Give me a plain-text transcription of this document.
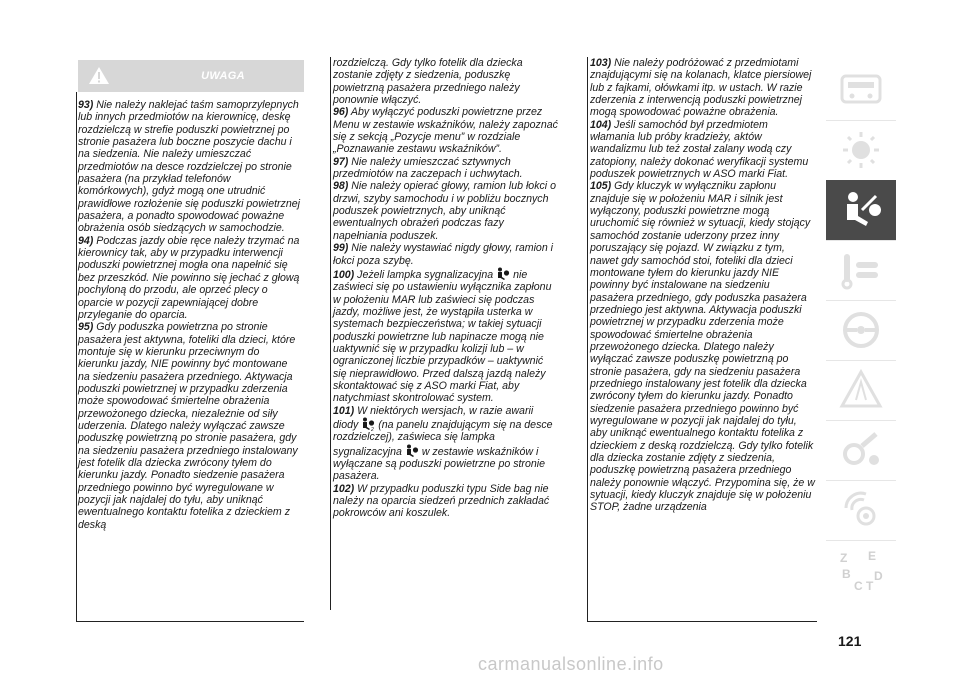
UWAGA

93) Nie należy naklejać taśm samoprzylepnych lub innych przedmiotów na kierownicę, deskę rozdzielczą w strefie poduszki powietrznej po stronie pasażera lub boczne poszycie dachu i na siedzenia. Nie należy umieszczać przedmiotów na desce rozdzielczej po stronie pasażera (na przykład telefonów komórkowych), gdyż mogą one utrudnić prawidłowe rozłożenie się poduszki powietrznej pasażera, a ponadto spowodować poważne obrażenia osób siedzących w samochodzie.

94) Podczas jazdy obie ręce należy trzymać na kierownicy tak, aby w przypadku interwencji poduszki powietrznej mogła ona napełnić się bez przeszkód. Nie powinno się jechać z głową pochyloną do przodu, ale oprzeć plecy o oparcie w pozycji zapewniającej dobre przyleganie do oparcia.

95) Gdy poduszka powietrzna po stronie pasażera jest aktywna, foteliki dla dzieci, które montuje się w kierunku przeciwnym do kierunku jazdy, NIE powinny być montowane na siedzeniu pasażera przedniego. Aktywacja poduszki powietrznej w przypadku zderzenia może spowodować śmiertelne obrażenia przewożonego dziecka, niezależnie od siły uderzenia. Dlatego należy wyłączać zawsze poduszkę powietrzną po stronie pasażera, gdy na siedzeniu pasażera przedniego instalowany jest fotelik dla dziecka zwrócony tyłem do kierunku jazdy. Ponadto siedzenie pasażera przedniego powinno być wyregulowane w pozycji jak najdalej do tyłu, aby uniknąć ewentualnego kontaktu fotelika z dzieckiem z deską

rozdzielczą. Gdy tylko fotelik dla dziecka zostanie zdjęty z siedzenia, poduszkę powietrzną pasażera przedniego należy ponownie włączyć.

96) Aby wyłączyć poduszki powietrzne przez Menu w zestawie wskaźników, należy zapoznać się z sekcją „Pozycje menu” w rozdziale „Poznawanie zestawu wskaźników”.

97) Nie należy umieszczać sztywnych przedmiotów na zaczepach i uchwytach.

98) Nie należy opierać głowy, ramion lub łokci o drzwi, szyby samochodu i w pobliżu bocznych poduszek powietrznych, aby uniknąć ewentualnych obrażeń podczas fazy napełniania poduszek.

99) Nie należy wystawiać nigdy głowy, ramion i łokci poza szybę.

100) Jeżeli lampka sygnalizacyjna nie zaświeci się po ustawieniu wyłącznika zapłonu w położeniu MAR lub zaświeci się podczas jazdy, możliwe jest, że wystąpiła usterka w systemach bezpieczeństwa; w takiej sytuacji poduszki powietrzne lub napinacze mogą nie uaktywnić się w przypadku kolizji lub – w ograniczonej liczbie przypadków – uaktywnić się nieprawidłowo. Przed dalszą jazdą należy skontaktować się z ASO marki Fiat, aby natychmiast skontrolować system.

101) W niektórych wersjach, w razie awarii diody	2 (na panelu znajdującym się na desce rozdzielczej), zaświeca się lampka sygnalizacyjna w zestawie wskaźników i wyłączane są poduszki powietrzne po stronie pasażera.

102) W przypadku poduszki typu Side bag nie należy na oparcia siedzeń przednich zakładać pokrowców ani koszulek.

103) Nie należy podróżować z przedmiotami znajdującymi się na kolanach, klatce piersiowej lub z fajkami, ołówkami itp. w ustach. W razie zderzenia z interwencją poduszki powietrznej mogą spowodować poważne obrażenia.

104) Jeśli samochód był przedmiotem włamania lub próby kradzieży, aktów wandalizmu lub też został zalany wodą czy zatopiony, należy dokonać weryfikacji systemu poduszek powietrznych w ASO marki Fiat.

105) Gdy kluczyk w wyłączniku zapłonu znajduje się w położeniu MAR i silnik jest wyłączony, poduszki powietrzne mogą uruchomić się również w sytuacji, kiedy stojący samochód zostanie uderzony przez inny poruszający się pojazd. W związku z tym, nawet gdy samochód stoi, foteliki dla dzieci montowane tyłem do kierunku jazdy NIE powinny być instalowane na siedzeniu pasażera przedniego, gdy poduszka pasażera przedniego jest aktywna. Aktywacja poduszki powietrznej w przypadku zderzenia może spowodować śmiertelne obrażenia przewożonego dziecka. Dlatego należy wyłączać zawsze poduszkę powietrzną po stronie pasażera, gdy na siedzeniu pasażera przedniego instalowany jest fotelik dla dziecka zwrócony tyłem do kierunku jazdy. Ponadto siedzenie pasażera przedniego powinno być wyregulowane w pozycji jak najdalej do tyłu, aby uniknąć ewentualnego kontaktu fotelika z dzieckiem z deską rozdzielczą. Gdy tylko fotelik dla dziecka zostanie zdjęty z siedzenia, poduszkę powietrzną pasażera przedniego należy ponownie włączyć. Przypomina się, że w sytuacji, kiedy kluczyk znajduje się w położeniu STOP, żadne urządzenia

Z E
B
C T
D
121
carmanualsonline.info
